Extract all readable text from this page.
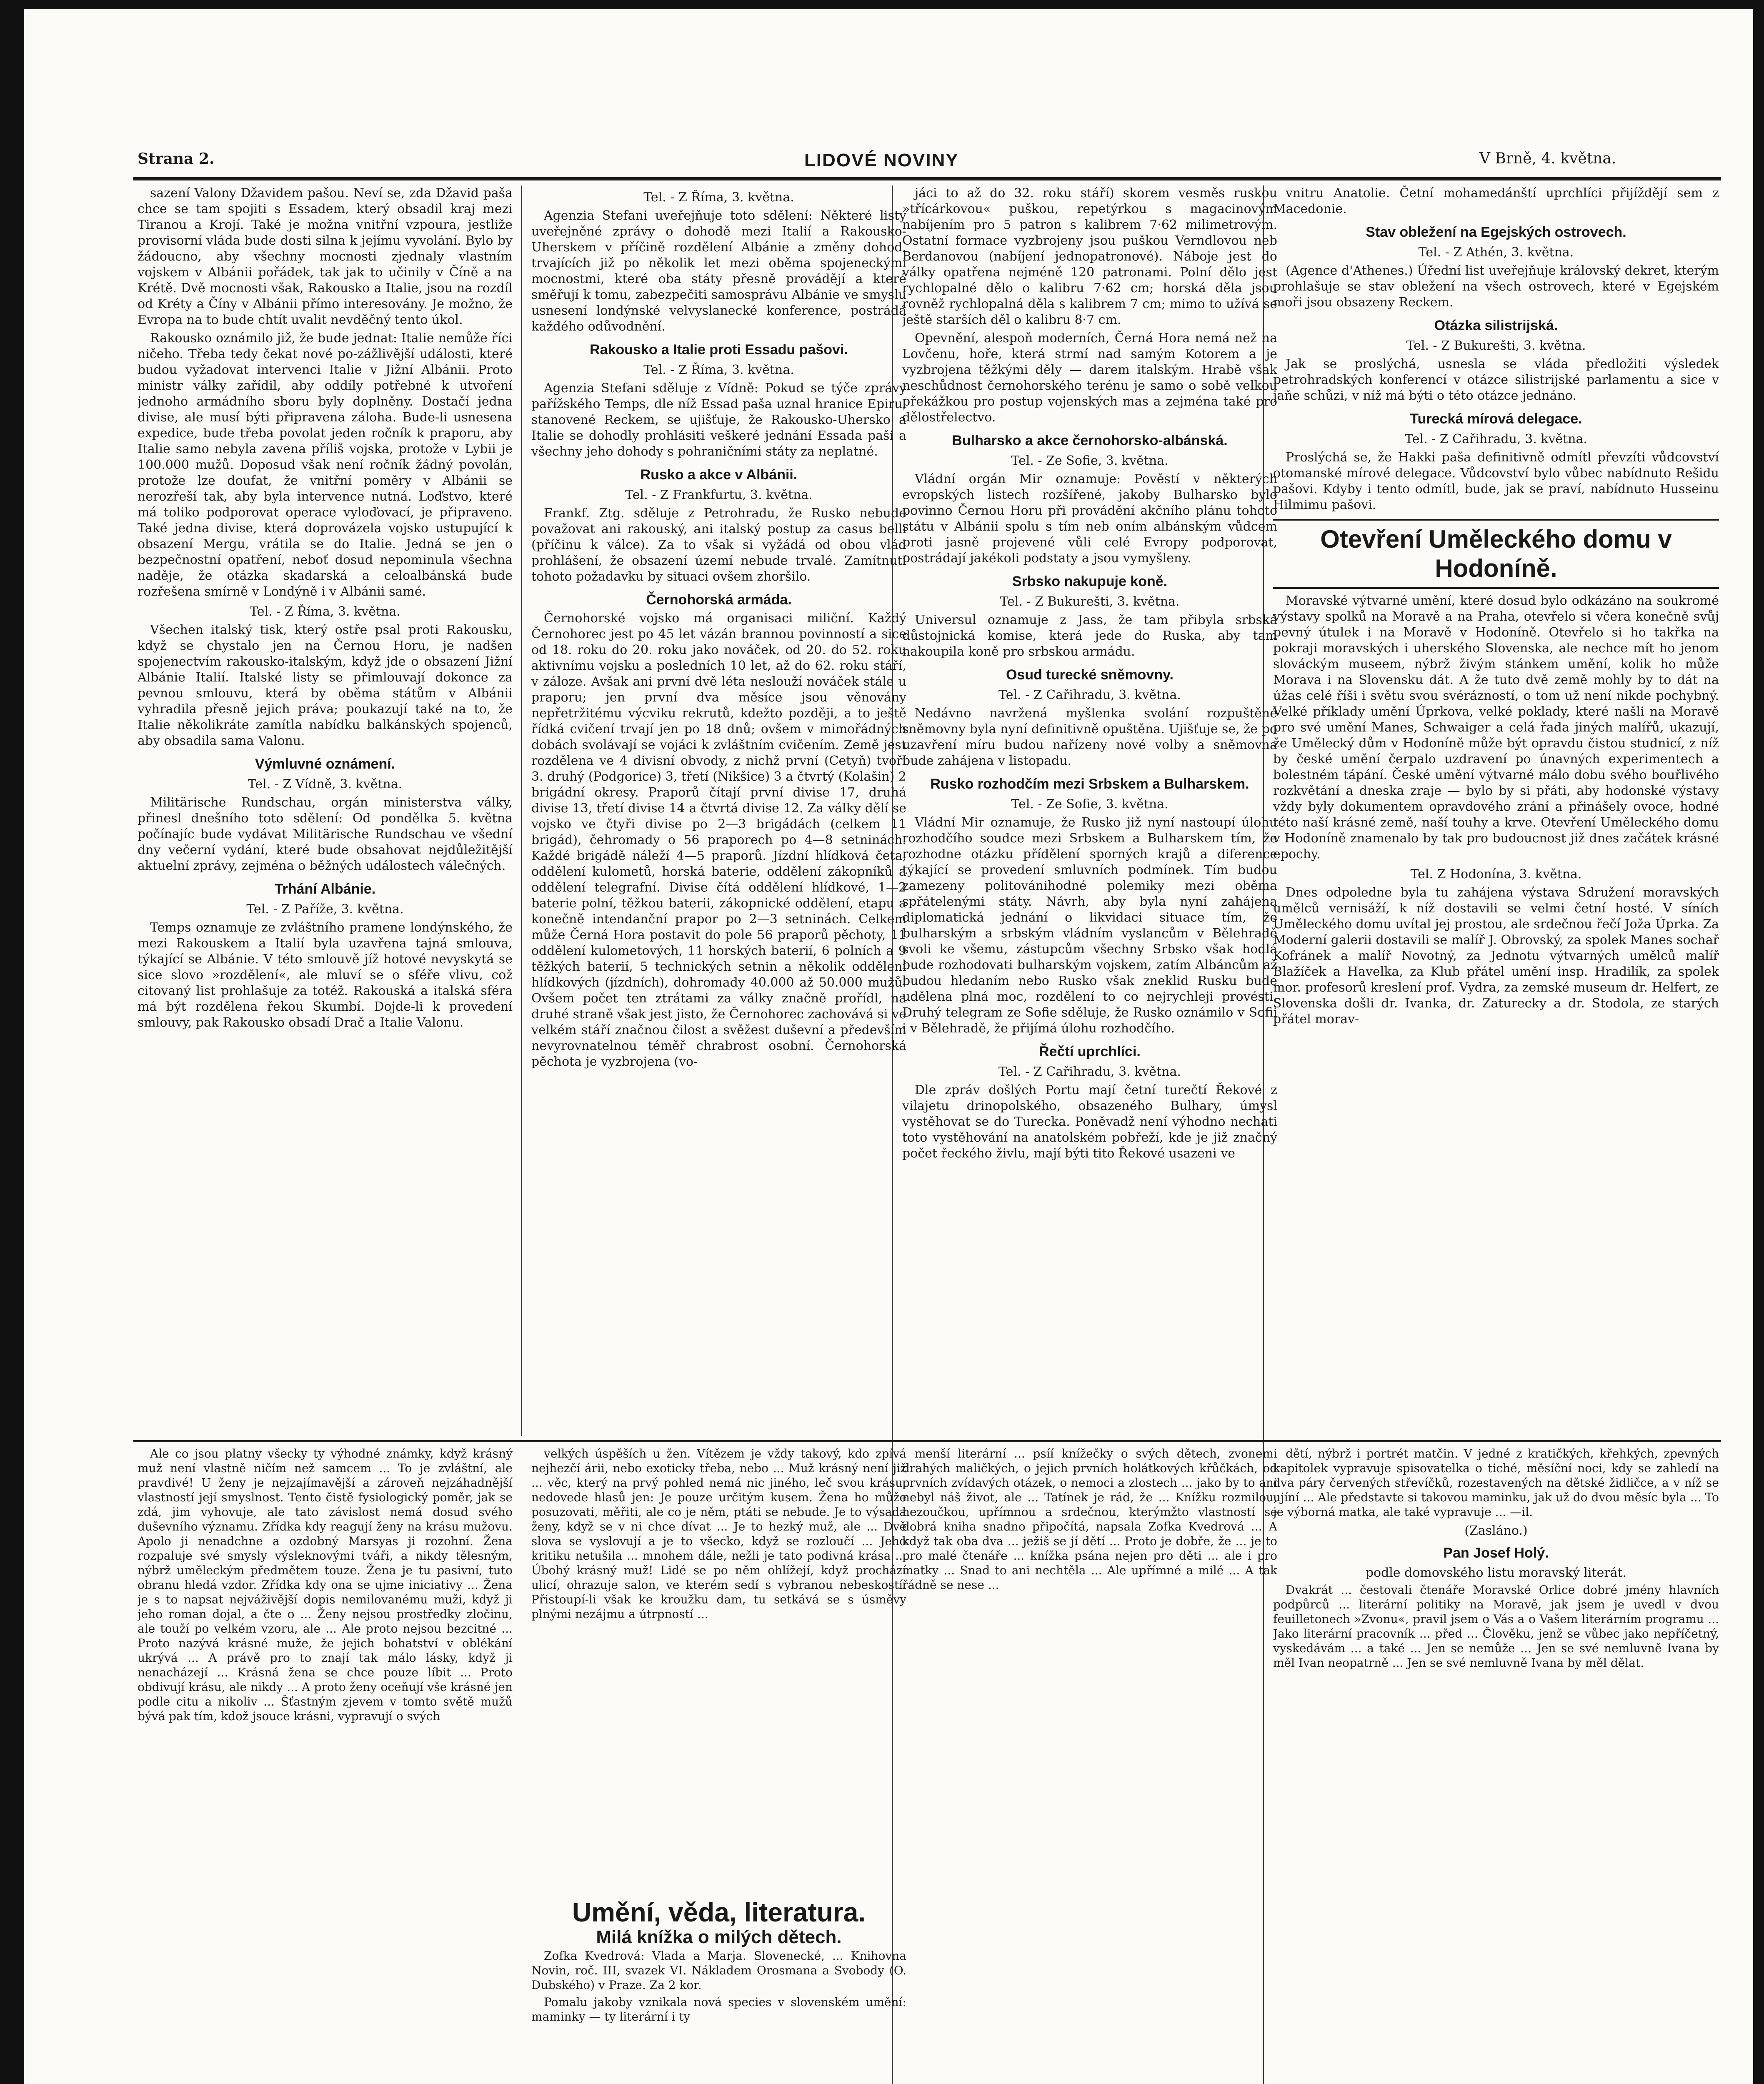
Strana 2.	LIDOVÉ NOVINY	V Brně, 4. května.

sazení Valony Džavidem pašou. Neví se, zda Džavid paša chce se tam spojiti s Essadem, který obsadil kraj mezi Tiranou a Krojí. Také je možna vnitřní vzpoura, jestliže provisorní vláda bude dosti silna k jejímu vyvolání. Bylo by žádoucno, aby všechny mocnosti zjednaly vlastním vojskem v Albánii pořádek, tak jak to učinily v Číně a na Krétě. Dvě mocnosti však, Rakousko a Italie, jsou na rozdíl od Kréty a Číny v Albánii přímo interesovány. Je možno, že Evropa na to bude chtít uvalit nevděčný tento úkol.

Rakousko oznámilo již, že bude jednat: Italie nemůže říci ničeho. Třeba tedy čekat nové po-zážlivější události, které budou vyžadovat intervenci Italie v Jižní Albánii. Proto ministr války zařídil, aby oddíly potřebné k utvoření jednoho armádního sboru byly doplněny. Dostačí jedna divise, ale musí býti připravena záloha. Bude-li usnesena expedice, bude třeba povolat jeden ročník k praporu, aby Italie samo nebyla zavena příliš vojska, protože v Lybii je 100.000 mužů. Doposud však není ročník žádný povolán, protože lze doufat, že vnitřní poměry v Albánii se nerozřeší tak, aby byla intervence nutná. Loďstvo, které má toliko podporovat operace vyloďovací, je připraveno. Také jedna divise, která doprovázela vojsko ustupující k obsazení Mergu, vrátila se do Italie. Jedná se jen o bezpečnostní opatření, neboť dosud nepominula všechna naděje, že otázka skadarská a celoalbánská bude rozřešena smírně v Londýně i v Albánii samé.

Tel. - Z Říma, 3. května.

Všechen italský tisk, který ostře psal proti Rakousku, když se chystalo jen na Černou Horu, je nadšen spojenectvím rakousko-italským, když jde o obsazení Jižní Albánie Italií. Italské listy se přimlouvají dokonce za pevnou smlouvu, která by oběma státům v Albánii vyhradila přesně jejich práva; poukazují také na to, že Italie několikráte zamítla nabídku balkánských spojenců, aby obsadila sama Valonu.

Výmluvné oznámení.
Tel. - Z Vídně, 3. května.

Militärische Rundschau, orgán ministerstva války, přinesl dnešního toto sdělení: Od pondělka 5. května počínajíc bude vydávat Militärische Rundschau ve všední dny večerní vydání, které bude obsahovat nejdůležitější aktuelní zprávy, zejména o běžných událostech válečných.

Trhání Albánie.
Tel. - Z Paříže, 3. května.

Temps oznamuje ze zvláštního pramene londýnského, že mezi Rakouskem a Italií byla uzavřena tajná smlouva, týkající se Albánie. V této smlouvě jíž hotové nevyskytá se sice slovo »rozdělení«, ale mluví se o sféře vlivu, což citovaný list prohlašuje za totéž. Rakouská a italská sféra má být rozdělena řekou Skumbí. Dojde-li k provedení smlouvy, pak Rakousko obsadí Drač a Italie Valonu.

Tel. - Z Říma, 3. května.

Agenzia Stefani uveřejňuje toto sdělení: Některé listy uveřejněné zprávy o dohodě mezi Italií a Rakousko-Uherskem v příčině rozdělení Albánie a změny dohod. trvajících již po několik let mezi oběma spojeneckými mocnostmi, které oba státy přesně provádějí a které směřují k tomu, zabezpečiti samosprávu Albánie ve smyslu usnesení londýnské velvyslanecké konference, postrádá každého odůvodnění.

Rakousko a Italie proti Essadu pašovi.
Tel. - Z Říma, 3. května.

Agenzia Stefani sděluje z Vídně: Pokud se týče zprávy pařížského Temps, dle níž Essad paša uznal hranice Epiru, stanovené Reckem, se ujišťuje, že Rakousko-Uhersko a Italie se dohodly prohlásiti veškeré jednání Essada paši a všechny jeho dohody s pohraničními státy za neplatné.

Rusko a akce v Albánii.
Tel. - Z Frankfurtu, 3. května.

Frankf. Ztg. sděluje z Petrohradu, že Rusko nebude považovat ani rakouský, ani italský postup za casus belli (příčinu k válce). Za to však si vyžádá od obou vlád prohlášení, že obsazení území nebude trvalé. Zamítnutí tohoto požadavku by situaci ovšem zhoršilo.

Černohorská armáda.

Černohorské vojsko má organisaci miliční. Každý Černohorec jest po 45 let vázán brannou povinností a sice od 18. roku do 20. roku jako nováček, od 20. do 52. roku aktivnímu vojsku a posledních 10 let, až do 62. roku stáří, v záloze. Avšak ani první dvě léta neslouží nováček stále u praporu; jen první dva měsíce jsou věnovány nepřetržitému výcviku rekrutů, kdežto později, a to ještě řídká cvičení trvají jen po 18 dnů; ovšem v mimořádných dobách svolávají se vojáci k zvláštním cvičením. Země jest rozdělena ve 4 divisní obvody, z nichž první (Cetyň) tvoří 3. druhý (Podgorice) 3, třetí (Nikšice) 3 a čtvrtý (Kolašin) 2 brigádní okresy. Praporů čítají první divise 17, druhá divise 13, třetí divise 14 a čtvrtá divise 12. Za války dělí se vojsko ve čtyři divise po 2—3 brigádách (celkem 11 brigád), čehromady o 56 praporech po 4—8 setninách. Každé brigádě náleží 4—5 praporů. Jízdní hlídková četa, oddělení kulometů, horská baterie, oddělení zákopníků a oddělení telegrafní. Divise čítá oddělení hlídkové, 1—2 baterie polní, těžkou baterii, zákopnické oddělení, etapu a konečně intendanční prapor po 2—3 setninách. Celkem může Černá Hora postavit do pole 56 praporů pěchoty, 11 oddělení kulometových, 11 horských baterií, 6 polních a 9 těžkých baterií, 5 technických setnin a několik oddělení hlídkových (jízdních), dohromady 40.000 až 50.000 mužů. Ovšem počet ten ztrátami za války značně prořídl, na druhé straně však jest jisto, že Černohorec zachovává si ve velkém stáří značnou čilost a svěžest duševní a především nevyrovnatelnou téměř chrabrost osobní. Černohorská pěchota je vyzbrojena (vo-

jáci to až do 32. roku stáří) skorem vesměs ruskou »třícárkovou« puškou, repetýrkou s magacinovým nabíjením pro 5 patron s kalibrem 7·62 milimetrovým. Ostatní formace vyzbrojeny jsou puškou Verndlovou neb Berdanovou (nabíjení jednopatronové). Náboje jest do války opatřena nejméně 120 patronami. Polní dělo jest rychlopalné dělo o kalibru 7·62 cm; horská děla jsou rovněž rychlopalná děla s kalibrem 7 cm; mimo to užívá se ještě starších děl o kalibru 8·7 cm.

Opevnění, alespoň moderních, Černá Hora nemá než na Lovčenu, hoře, která strmí nad samým Kotorem a je vyzbrojena těžkými děly — darem italským. Hrabě však neschůdnost černohorského terénu je samo o sobě velkou překážkou pro postup vojenských mas a zejména také pro dělostřelectvo.

Bulharsko a akce černohorsko-albánská.
Tel. - Ze Sofie, 3. května.

Vládní orgán Mir oznamuje: Pověstí v některých evropských listech rozšířené, jakoby Bulharsko bylo povinno Černou Horu při provádění akčního plánu tohoto státu v Albánii spolu s tím neb oním albánským vůdcem proti jasně projevené vůli celé Evropy podporovat, postrádají jakékoli podstaty a jsou vymyšleny.

Srbsko nakupuje koně.
Tel. - Z Bukurešti, 3. května.

Universul oznamuje z Jass, že tam přibyla srbská důstojnická komise, která jede do Ruska, aby tam nakoupila koně pro srbskou armádu.

Osud turecké sněmovny.
Tel. - Z Cařihradu, 3. května.

Nedávno navržená myšlenka svolání rozpuštěné sněmovny byla nyní definitivně opuštěna. Ujišťuje se, že po uzavření míru budou nařízeny nové volby a sněmovna bude zahájena v listopadu.

Rusko rozhodčím mezi Srbskem a Bulharskem.
Tel. - Ze Sofie, 3. května.

Vládní Mir oznamuje, že Rusko již nyní nastoupí úlohu rozhodčího soudce mezi Srbskem a Bulharskem tím, že rozhodne otázku přídělení sporných krajů a diference týkající se provedení smluvních podmínek. Tím budou zamezeny politovánihodné polemiky mezi oběma spřátelenými státy. Návrh, aby byla nyní zahájena diplomatická jednání o likvidaci situace tím, že bulharským a srbským vládním vyslancům v Bělehradě svoli ke všemu, zástupcům všechny Srbsko však hodlá bude rozhodovati bulharským vojskem, zatím Albáncům až budou hledaním nebo Rusko však zneklid Rusku bude udělena plná moc, rozdělení to co nejrychleji provésti. Druhý telegram ze Sofie sděluje, že Rusko oznámilo v Sofii i v Bělehradě, že přijímá úlohu rozhodčího.

Řečtí uprchlíci.
Tel. - Z Cařihradu, 3. května.

Dle zpráv došlých Portu mají četní turečtí Řekové z vilajetu drinopolského, obsazeného Bulhary, úmysl vystěhovat se do Turecka. Poněvadž není výhodno nechati toto vystěhování na anatolském pobřeží, kde je již značný počet řeckého živlu, mají býti tito Řekové usazeni ve

vnitru Anatolie. Četní mohamedánští uprchlíci přijíždějí sem z Macedonie.

Stav obležení na Egejských ostrovech.
Tel. - Z Athén, 3. května.

(Agence d'Athenes.) Úřední list uveřejňuje královský dekret, kterým prohlašuje se stav obležení na všech ostrovech, které v Egejském moři jsou obsazeny Reckem.

Otázka silistrijská.
Tel. - Z Bukurešti, 3. května.

Jak se proslýchá, usnesla se vláda předložiti výsledek petrohradských konferencí v otázce silistrijské parlamentu a sice v jaňe schůzi, v níž má býti o této otázce jednáno.

Turecká mírová delegace.
Tel. - Z Cařihradu, 3. května.

Proslýchá se, že Hakki paša definitivně odmítl převzíti vůdcovství otomanské mírové delegace. Vůdcovství bylo vůbec nabídnuto Rešidu pašovi. Kdyby i tento odmítl, bude, jak se praví, nabídnuto Husseinu Hilmimu pašovi.

Otevření Uměleckého domu v Hodoníně.

Moravské výtvarné umění, které dosud bylo odkázáno na soukromé výstavy spolků na Moravě a na Praha, otevřelo si včera konečně svůj pevný útulek i na Moravě v Hodoníně. Otevřelo si ho takřka na pokraji moravských i uherského Slovenska, ale nechce mít ho jenom slováckým museem, nýbrž živým stánkem umění, kolik ho může Morava i na Slovensku dát. A že tuto dvě země mohly by to dát na úžas celé říši i světu svou svérázností, o tom už není nikde pochybný. Velké příklady umění Úprkova, velké poklady, které našli na Moravě pro své umění Manes, Schwaiger a celá řada jiných malířů, ukazují, že Umělecký dům v Hodoníně může být opravdu čistou studnicí, z níž by české umění čerpalo uzdravení po únavných experimentech a bolestném tápání. České umění výtvarné málo dobu svého bouřlivého rozkvětání a dneska zraje — bylo by si přáti, aby hodonské výstavy vždy byly dokumentem opravdového zrání a přinášely ovoce, hodné této naší krásné země, naší touhy a krve. Otevření Uměleckého domu v Hodoníně znamenalo by tak pro budoucnost již dnes začátek krásné epochy.

Tel. Z Hodonína, 3. května.

Dnes odpoledne byla tu zahájena výstava Sdružení moravských umělců vernisáží, k níž dostavili se velmi četní hosté. V síních Uměleckého domu uvítal jej prostou, ale srdečnou řečí Joža Úprka. Za Moderní galerii dostavili se malíř J. Obrovský, za spolek Manes sochař Kofránek a malíř Novotný, za Jednotu výtvarných umělců malíř Blažíček a Havelka, za Klub přátel umění insp. Hradilík, za spolek mor. profesorů kreslení prof. Vydra, za zemské museum dr. Helfert, ze Slovenska došli dr. Ivanka, dr. Zatureckу a dr. Stodola, ze starých přátel morav-

Ale co jsou platny všecky ty výhodné známky, když krásný muž není vlastně ničím než samcem ... To je zvláštní, ale pravdivé! U ženy je nejzajímavější a zároveň nejzáhadnější vlastností její smyslnost. Tento čistě fysiologický poměr, jak se zdá, jim vyhovuje, ale tato závislost nemá dosud svého duševního významu. Zřídka kdy reagují ženy na krásu mužovu. Apolo ji nenadchne a ozdobný Marsyas ji rozohní. Žena rozpaluje své smysly výsleknovými tváři, a nikdy tělesným, nýbrž uměleckým předmětem touze. Žena je tu pasivní, tuto obranu hledá vzdor. Zřídka kdy ona se ujme iniciativy ... Žena je s to napsat nejváživější dopis nemilovanému muži, když ji jeho roman dojal, a čte o ... Ženy nejsou prostředky zločinu, ale touží po velkém vzoru, ale ... Ale proto nejsou bezcitné ... Proto nazývá krásné muže, že jejich bohatství v oblékání ukrývá ... A právě pro to znají tak málo lásky, když ji nenacházejí ... Krásná žena se chce pouze líbit ... Proto obdivují krásu, ale nikdy ... A proto ženy oceňují vše krásné jen podle citu a nikoliv ... Šťastným zjevem v tomto světě mužů bývá pak tím, kdož jsouce krásni, vypravují o svých

velkých úspěších u žen. Vítězem je vždy takový, kdo zpívá nejhezčí árii, nebo exoticky třeba, nebo ... Muž krásný není již ... věc, který na prvý pohled nemá nic jiného, leč svou krásu, nedovede hlasů jen: Je pouze určitým kusem. Žena ho může posuzovati, měřiti, ale co je něm, ptáti se nebude. Je to výsada ženy, když se v ni chce dívat ... Je to hezký muž, ale ... Dvě slova se vyslovují a je to všecko, když se rozloučí ... Jeho kritiku netušila ... mnohem dále, nežli je tato podivná krása ... Úbohý krásný muž! Lidé se po něm ohlížejí, když prochází ulicí, ohrazuje salon, ve kterém sedí s vybranou nebeskostí. Přistoupí-li však ke kroužku dam, tu setkává se s úsměvy plnými nezájmu a útrpností ...

Umění, věda, literatura.
Milá knížka o milých dětech.

Zofka Kvedrová: Vlada a Marja. Slovenecké, ... Knihovna Novin, roč. III, svazek VI. Nákladem Orosmana a Svobody (O. Dubského) v Praze. Za 2 kor.

Pomalu jakoby vznikala nová species v slovenském umění: maminky — ty literární i ty

menší literární ... psíí knížečky o svých dětech, zvonemi drahých maličkých, o jejich prvních holátkových křůčkách, od prvních zvídavých otázek, o nemoci a zlostech ... jako by to ani nebyl náš život, ale ... Tatínek je rád, že ... Knížku rozmilou, hezoučkou, upřímnou a srdečnou, kterýmžto vlastností se dobrá kniha snadno připočítá, napsala Zofka Kvedrová ... A když tak oba dva ... ježiš se jí dětí ... Proto je dobře, že ... je to pro malé čtenáře ... knížka psána nejen pro děti ... ale i pro matky ... Snad to ani nechtěla ... Ale upřímné a milé ... A tak řádně se nese ...

dětí, nýbrž i portrét matčin. V jedné z kratičkých, křehkých, zpevných kapitolek vypravuje spisovatelka o tiché, měsíční noci, kdy se zahledí na dva páry červených střevíčků, rozestavených na dětské židličce, a v níž se ujíní ... Ale představte si takovou maminku, jak už do dvou měsíc byla ... To je výborná matka, ale také vypravuje ... —il.

(Zasláno.)
Pan Josef Holý.
podle domovského listu moravský literát.

Dvakrát ... čestovali čtenáře Moravské Orlice dobré jmény hlavních podpůrců ... literární politiky na Moravě, jak jsem je uvedl v dvou feuilletonech »Zvonu«, pravil jsem o Vás a o Vašem literárním programu ... Jako literární pracovník ... před ... Člověku, jenž se vůbec jako nepříčetný, vyskedávám ... a také ... Jen se nemůže ... Jen se své nemluvně Ivana by měl Ivan neopatrně ... Jen se své nemluvně Ivana by měl dělat.
